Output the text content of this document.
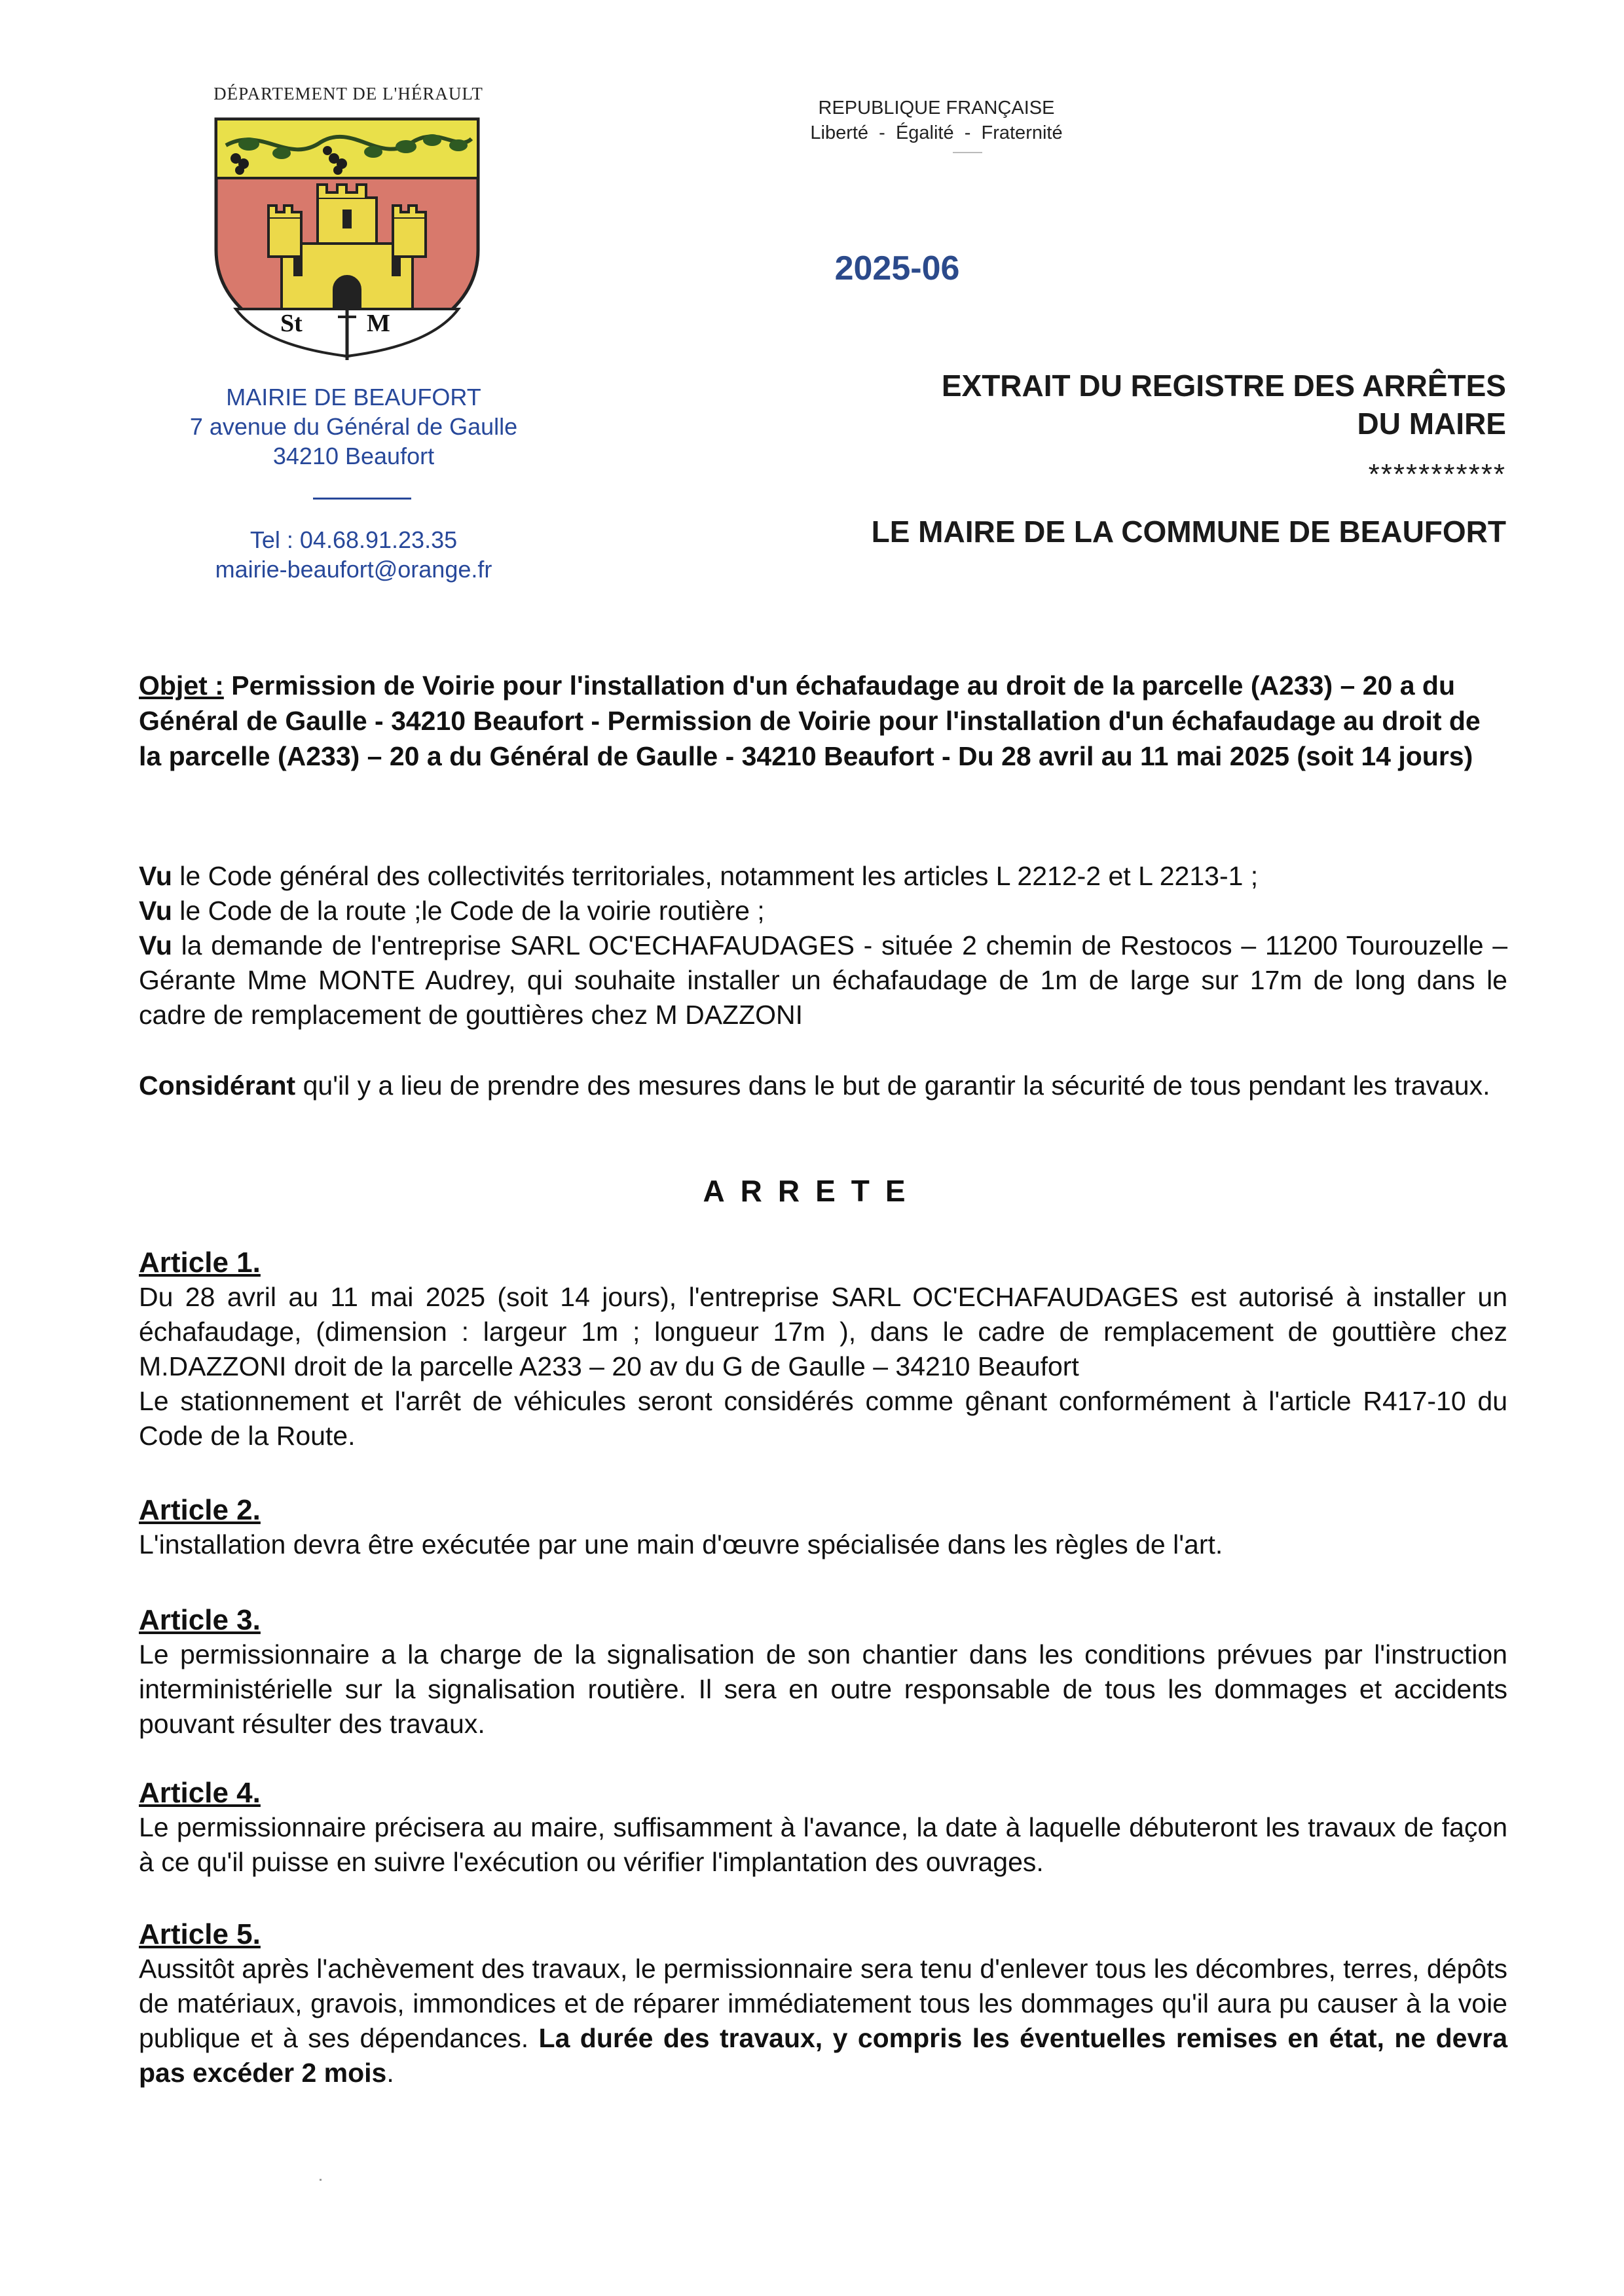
DÉPARTEMENT DE L'HÉRAULT
St	M
MAIRIE DE BEAUFORT
7 avenue du Général de Gaulle
34210 Beaufort
Tel : 04.68.91.23.35
mairie-beaufort@orange.fr
REPUBLIQUE FRANÇAISE
Liberté  -  Égalité  -  Fraternité
2025-06
EXTRAIT DU REGISTRE DES ARRÊTES
DU MAIRE
***********
LE MAIRE DE LA COMMUNE DE BEAUFORT
Objet : Permission de Voirie pour l'installation d'un échafaudage au droit de la parcelle (A233) – 20 a du Général de Gaulle - 34210 Beaufort - Permission de Voirie pour l'installation d'un échafaudage au droit de la parcelle (A233) – 20 a du Général de Gaulle - 34210 Beaufort - Du 28 avril au 11 mai 2025 (soit 14 jours)

Vu le Code général des collectivités territoriales, notamment les articles L 2212-2 et L 2213-1 ;

Vu le Code de la route ;le Code de la voirie routière ;

Vu la demande de l'entreprise SARL OC'ECHAFAUDAGES - située 2 chemin de Restocos – 11200 Tourouzelle – Gérante Mme MONTE Audrey, qui souhaite installer un échafaudage de 1m de large sur 17m de long dans le cadre de remplacement de gouttières chez M DAZZONI

Considérant qu'il y a lieu de prendre des mesures dans le but de garantir la sécurité de tous pendant les travaux.
ARRETE
Article 1.

Du 28 avril au 11 mai 2025 (soit 14 jours), l'entreprise SARL OC'ECHAFAUDAGES est autorisé à installer un échafaudage, (dimension : largeur 1m ; longueur 17m ), dans le cadre de remplacement de gouttière chez M.DAZZONI droit de la parcelle A233 – 20 av du G de Gaulle – 34210 Beaufort

Le stationnement et l'arrêt de véhicules seront considérés comme gênant conformément à l'article R417-10 du Code de la Route.

Article 2.

L'installation devra être exécutée par une main d'œuvre spécialisée dans les règles de l'art.

Article 3.

Le permissionnaire a la charge de la signalisation de son chantier dans les conditions prévues par l'instruction interministérielle sur la signalisation routière. Il sera en outre responsable de tous les dommages et accidents pouvant résulter des travaux.

Article 4.

Le permissionnaire précisera au maire, suffisamment à l'avance, la date à laquelle débuteront les travaux de façon à ce qu'il puisse en suivre l'exécution ou vérifier l'implantation des ouvrages.

Article 5.

Aussitôt après l'achèvement des travaux, le permissionnaire sera tenu d'enlever tous les décombres, terres, dépôts de matériaux, gravois, immondices et de réparer immédiatement tous les dommages qu'il aura pu causer à la voie publique et à ses dépendances. La durée des travaux, y compris les éventuelles remises en état, ne devra pas excéder 2 mois.
